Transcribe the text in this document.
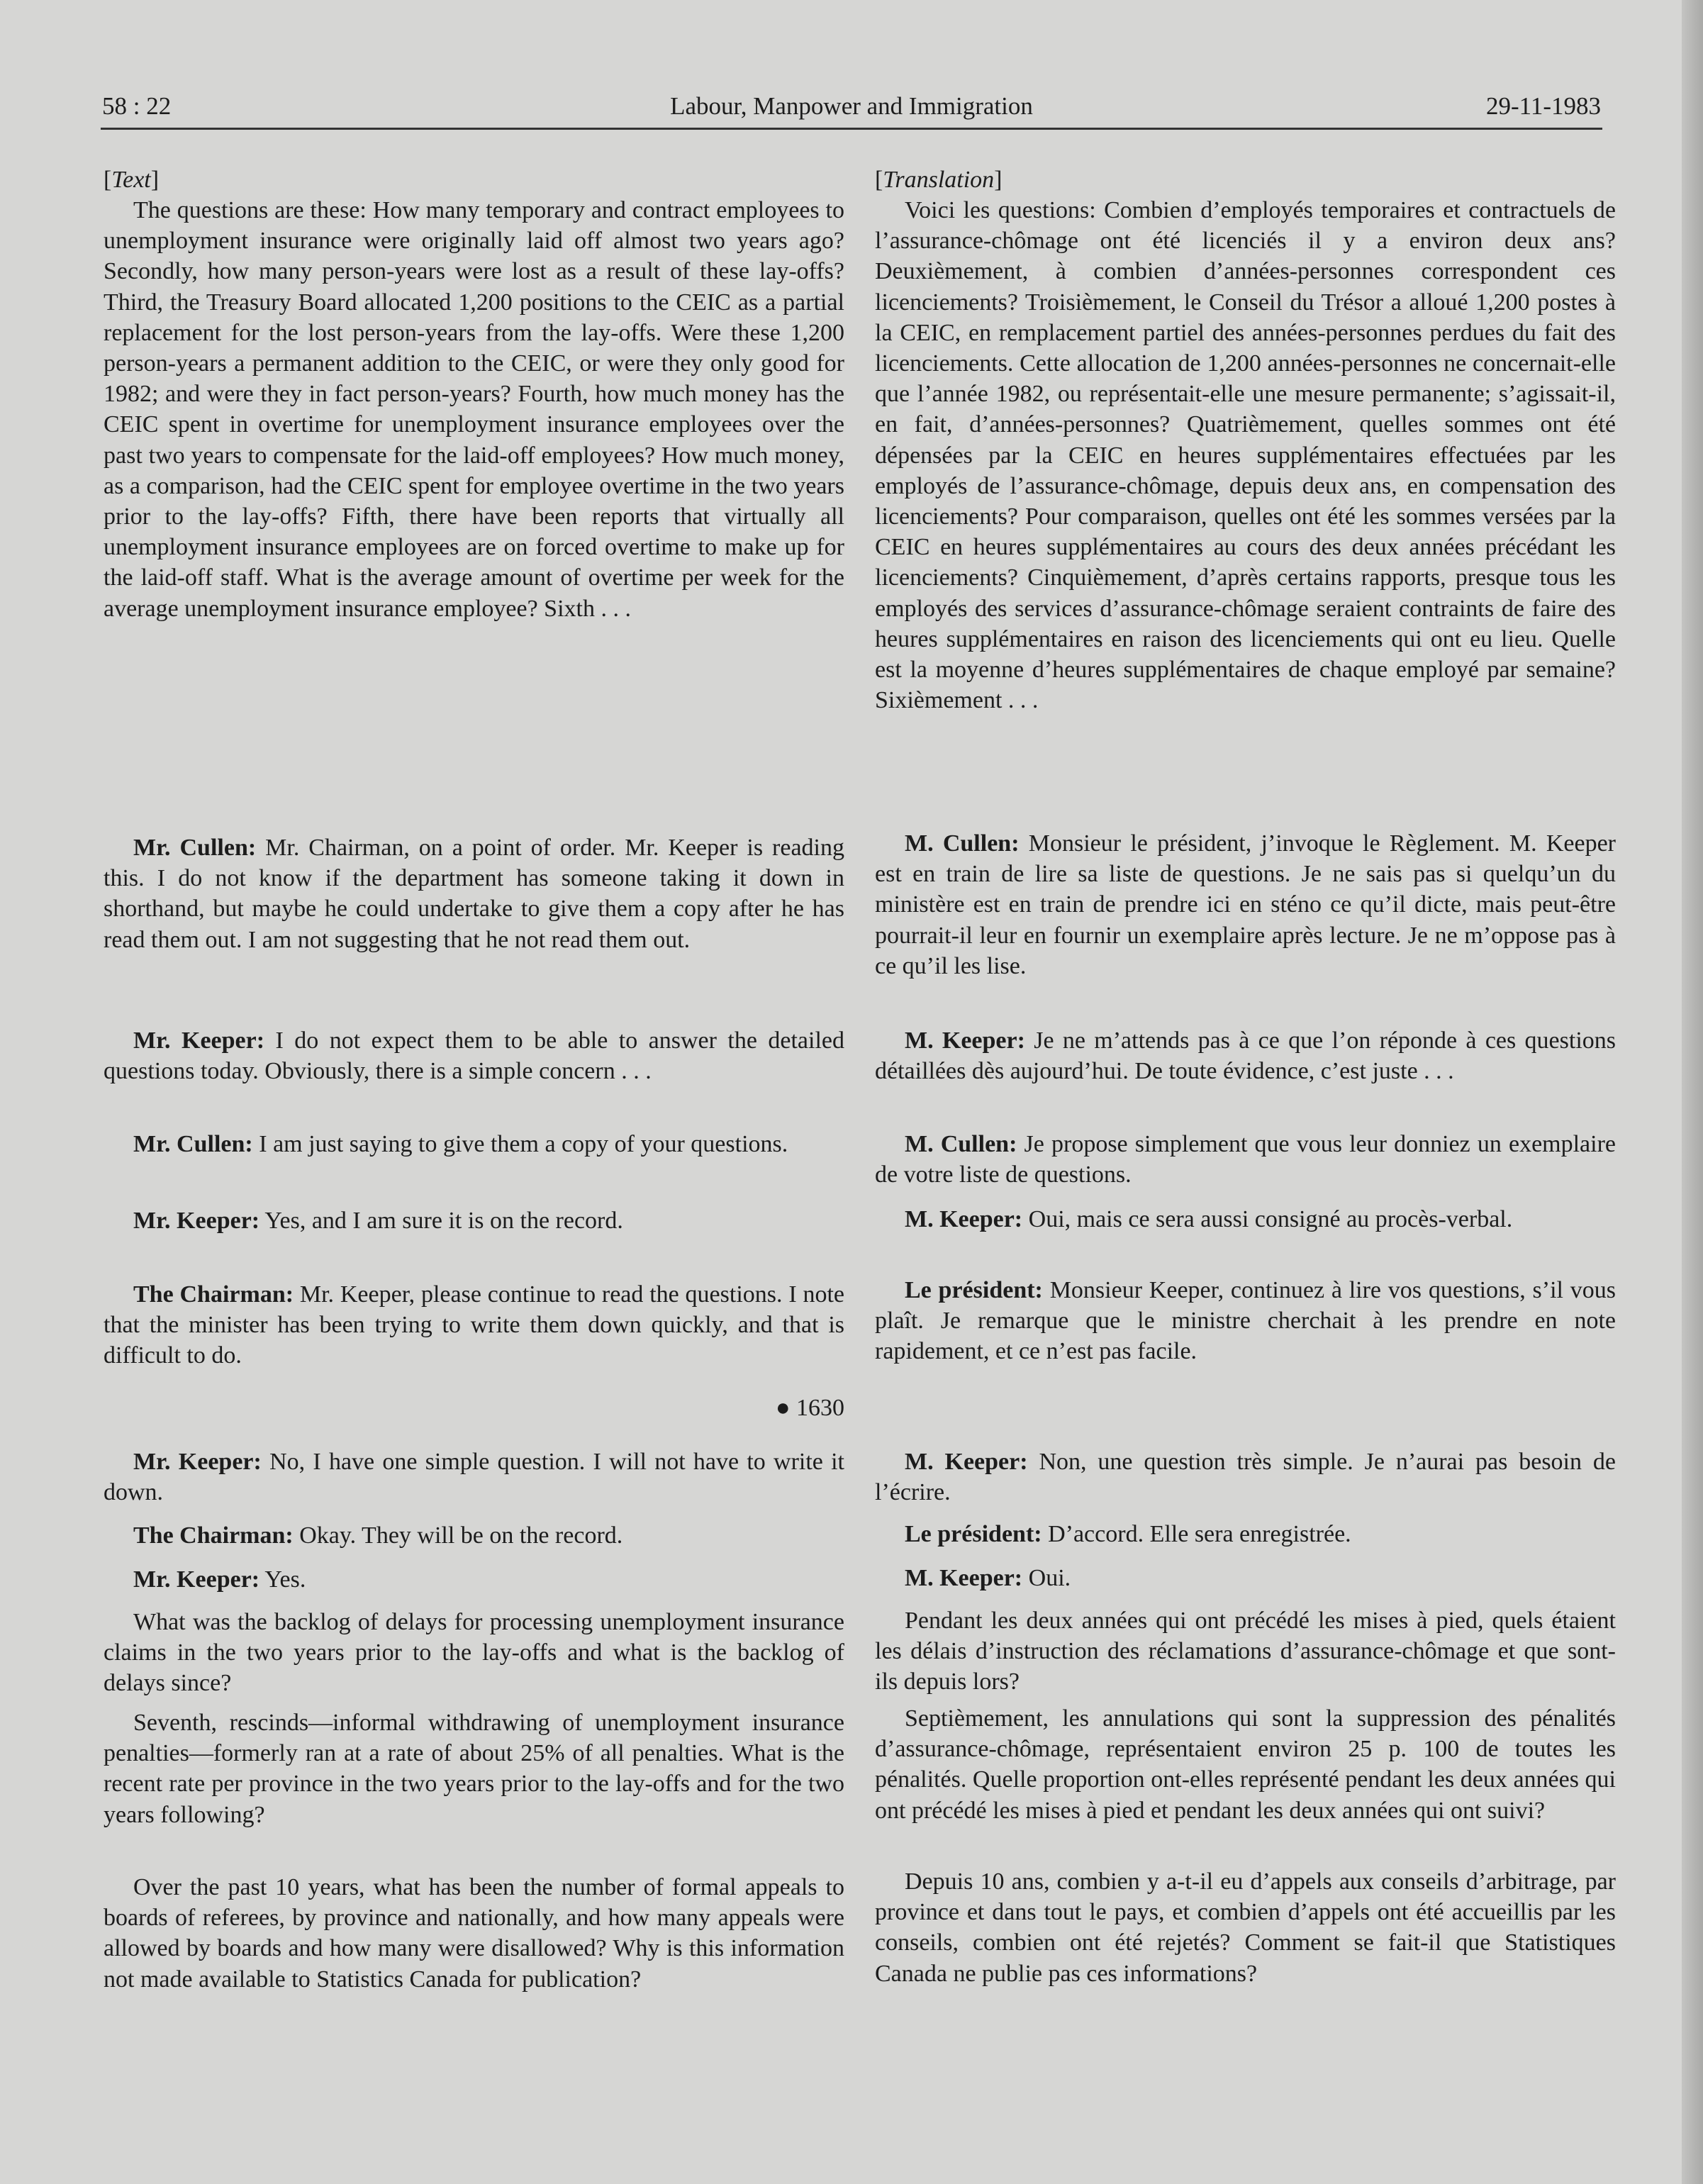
Labour, Manpower and Immigration
58 : 22	29-11-1983

[Text]

The questions are these: How many temporary and contract employees to unemployment insurance were originally laid off almost two years ago? Secondly, how many person-years were lost as a result of these lay-offs? Third, the Treasury Board allocated 1,200 positions to the CEIC as a partial replacement for the lost person-years from the lay-offs. Were these 1,200 person-years a permanent addition to the CEIC, or were they only good for 1982; and were they in fact person-years? Fourth, how much money has the CEIC spent in overtime for unemployment insurance employees over the past two years to compensate for the laid-off employees? How much money, as a comparison, had the CEIC spent for employee overtime in the two years prior to the lay-offs? Fifth, there have been reports that virtually all unemployment insurance employees are on forced overtime to make up for the laid-off staff. What is the average amount of overtime per week for the average unemployment insurance employee? Sixth . . .

Mr. Cullen: Mr. Chairman, on a point of order. Mr. Keeper is reading this. I do not know if the department has someone taking it down in shorthand, but maybe he could undertake to give them a copy after he has read them out. I am not suggesting that he not read them out.

Mr. Keeper: I do not expect them to be able to answer the detailed questions today. Obviously, there is a simple concern . . .

Mr. Cullen: I am just saying to give them a copy of your questions.

Mr. Keeper: Yes, and I am sure it is on the record.

The Chairman: Mr. Keeper, please continue to read the questions. I note that the minister has been trying to write them down quickly, and that is difficult to do.

● 1630

Mr. Keeper: No, I have one simple question. I will not have to write it down.

The Chairman: Okay. They will be on the record.

Mr. Keeper: Yes.

What was the backlog of delays for processing unemployment insurance claims in the two years prior to the lay-offs and what is the backlog of delays since?

Seventh, rescinds—informal withdrawing of unemployment insurance penalties—formerly ran at a rate of about 25% of all penalties. What is the recent rate per province in the two years prior to the lay-offs and for the two years following?

Over the past 10 years, what has been the number of formal appeals to boards of referees, by province and nationally, and how many appeals were allowed by boards and how many were disallowed? Why is this information not made available to Statistics Canada for publication?

[Translation]

Voici les questions: Combien d’employés temporaires et contractuels de l’assurance-chômage ont été licenciés il y a environ deux ans? Deuxièmement, à combien d’années-personnes correspondent ces licenciements? Troisièmement, le Conseil du Trésor a alloué 1,200 postes à la CEIC, en remplacement partiel des années-personnes perdues du fait des licenciements. Cette allocation de 1,200 années-personnes ne concernait-elle que l’année 1982, ou représentait-elle une mesure permanente; s’agissait-il, en fait, d’années-personnes? Quatrièmement, quelles sommes ont été dépensées par la CEIC en heures supplémentaires effectuées par les employés de l’assurance-chômage, depuis deux ans, en compensation des licenciements? Pour comparaison, quelles ont été les sommes versées par la CEIC en heures supplémentaires au cours des deux années précédant les licenciements? Cinquièmement, d’après certains rapports, presque tous les employés des services d’assurance-chômage seraient contraints de faire des heures supplémentaires en raison des licenciements qui ont eu lieu. Quelle est la moyenne d’heures supplémentaires de chaque employé par semaine? Sixièmement . . .

M. Cullen: Monsieur le président, j’invoque le Règlement. M. Keeper est en train de lire sa liste de questions. Je ne sais pas si quelqu’un du ministère est en train de prendre ici en sténo ce qu’il dicte, mais peut-être pourrait-il leur en fournir un exemplaire après lecture. Je ne m’oppose pas à ce qu’il les lise.

M. Keeper: Je ne m’attends pas à ce que l’on réponde à ces questions détaillées dès aujourd’hui. De toute évidence, c’est juste . . .

M. Cullen: Je propose simplement que vous leur donniez un exemplaire de votre liste de questions.

M. Keeper: Oui, mais ce sera aussi consigné au procès-verbal.

Le président: Monsieur Keeper, continuez à lire vos questions, s’il vous plaît. Je remarque que le ministre cherchait à les prendre en note rapidement, et ce n’est pas facile.

M. Keeper: Non, une question très simple. Je n’aurai pas besoin de l’écrire.

Le président: D’accord. Elle sera enregistrée.

M. Keeper: Oui.

Pendant les deux années qui ont précédé les mises à pied, quels étaient les délais d’instruction des réclamations d’assurance-chômage et que sont-ils depuis lors?

Septièmement, les annulations qui sont la suppression des pénalités d’assurance-chômage, représentaient environ 25 p. 100 de toutes les pénalités. Quelle proportion ont-elles représenté pendant les deux années qui ont précédé les mises à pied et pendant les deux années qui ont suivi?

Depuis 10 ans, combien y a-t-il eu d’appels aux conseils d’arbitrage, par province et dans tout le pays, et combien d’appels ont été accueillis par les conseils, combien ont été rejetés? Comment se fait-il que Statistiques Canada ne publie pas ces informations?
